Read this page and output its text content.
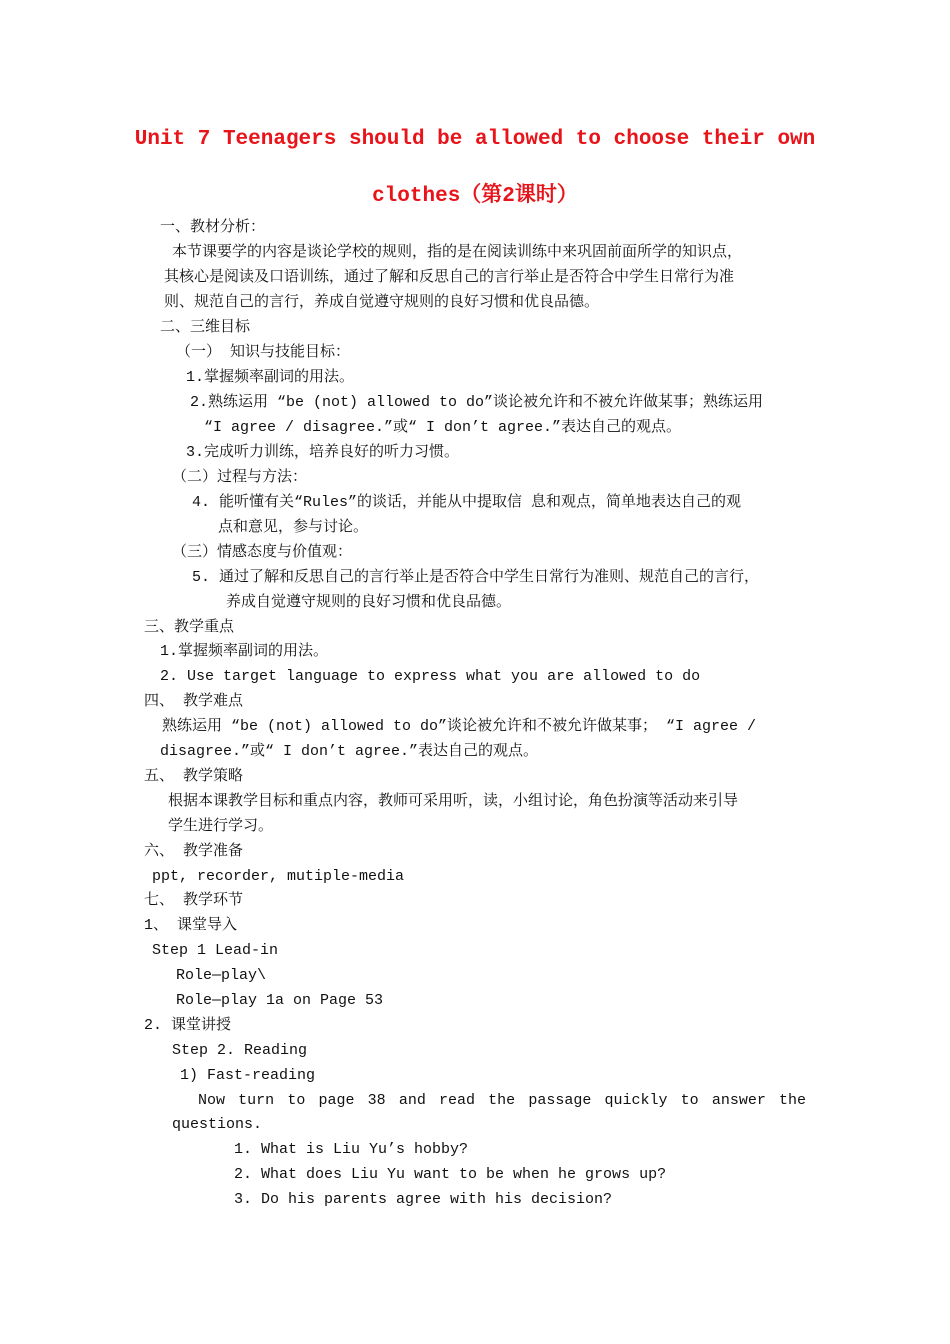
Unit 7 Teenagers should be allowed to choose their own
clothes（第2课时）
一、教材分析：
本节课要学的内容是谈论学校的规则，指的是在阅读训练中来巩固前面所学的知识点，
其核心是阅读及口语训练，通过了解和反思自己的言行举止是否符合中学生日常行为准
则、规范自己的言行，养成自觉遵守规则的良好习惯和优良品德。
二、三维目标
（一） 知识与技能目标：
1.掌握频率副词的用法。
2.熟练运用 “be (not) allowed to do”谈论被允许和不被允许做某事；熟练运用
“I agree / disagree.”或“ I don’t agree.”表达自己的观点。
3.完成听力训练，培养良好的听力习惯。
（二）过程与方法：
4. 能听懂有关“Rules”的谈话，并能从中提取信 息和观点，简单地表达自己的观
点和意见，参与讨论。
（三）情感态度与价值观：
5. 通过了解和反思自己的言行举止是否符合中学生日常行为准则、规范自己的言行，
养成自觉遵守规则的良好习惯和优良品德。
三、教学重点
1.掌握频率副词的用法。
2. Use target language to express what you are allowed to do
四、 教学难点
熟练运用 “be (not) allowed to do”谈论被允许和不被允许做某事； “I agree /
disagree.”或“ I don’t agree.”表达自己的观点。
五、 教学策略
根据本课教学目标和重点内容，教师可采用听，读，小组讨论，角色扮演等活动来引导
学生进行学习。
六、 教学准备
ppt, recorder, mutiple-media
七、 教学环节
1、 课堂导入
Step 1 Lead-in
Role—play\
Role—play 1a on Page 53
2. 课堂讲授
Step 2. Reading
1) Fast-reading
Now turn to page 38 and read the passage quickly to answer the
questions.
1. What is Liu Yu’s hobby?
2. What does Liu Yu want to be when he grows up?
3. Do his parents agree with his decision?
